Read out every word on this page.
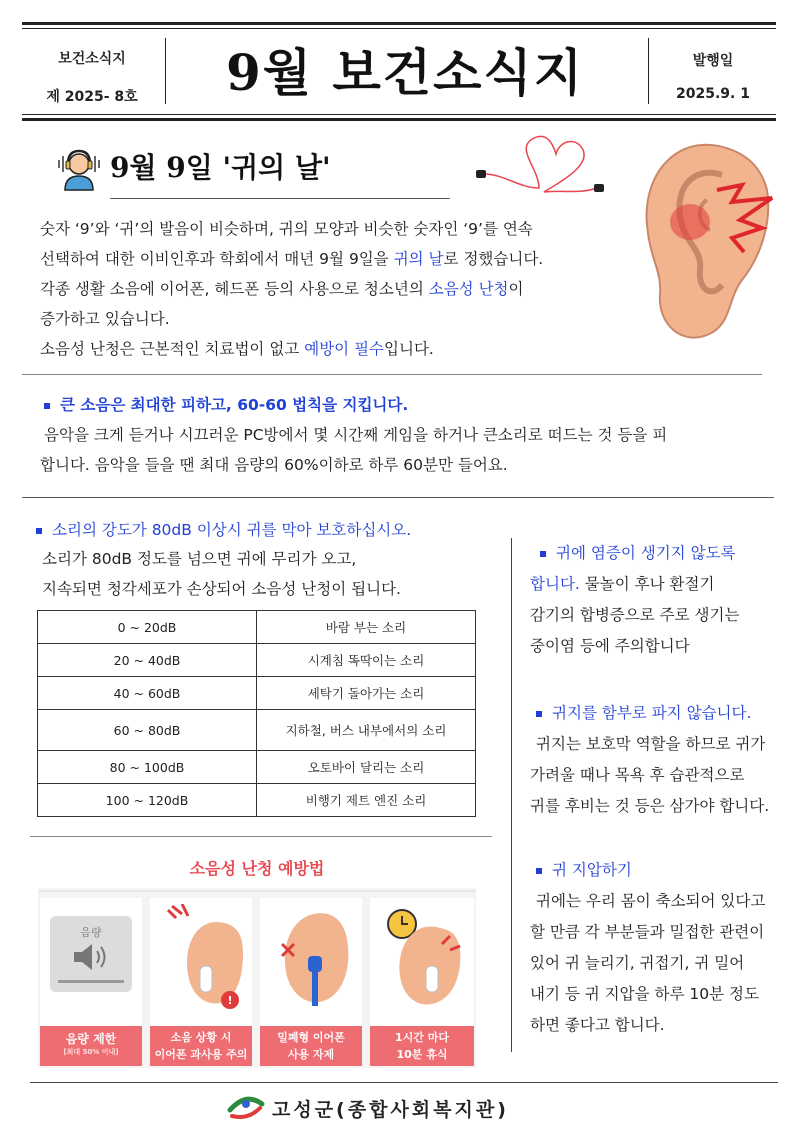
보건소식지
제 2025- 8호	9월 보건소식지	발행일
2025.9. 1
9월 9일 '귀의 날'
숫자 ‘9’와 ‘귀’의 발음이 비슷하며, 귀의 모양과 비슷한 숫자인 ‘9’를 연속
선택하여 대한 이비인후과 학회에서 매년 9월 9일을 귀의 날로 정했습니다.
각종 생활 소음에 이어폰, 헤드폰 등의 사용으로 청소년의 소음성 난청이
증가하고 있습니다.
소음성 난청은 근본적인 치료법이 없고 예방이 필수입니다.
큰 소음은 최대한 피하고, 60-60 법칙을 지킵니다.
음악을 크게 듣거나 시끄러운 PC방에서 몇 시간째 게임을 하거나 큰소리로 떠드는 것 등을 피
합니다. 음악을 들을 땐 최대 음량의 60%이하로 하루 60분만 들어요.
소리의 강도가 80dB 이상시 귀를 막아 보호하십시오.
소리가 80dB 정도를 넘으면 귀에 무리가 오고,
지속되면 청각세포가 손상되어 소음성 난청이 됩니다.
0 ~ 20dB	바람 부는 소리
20 ~ 40dB	시계침 똑딱이는 소리
40 ~ 60dB	세탁기 돌아가는 소리
60 ~ 80dB	지하철, 버스 내부에서의 소리
80 ~ 100dB	오토바이 달리는 소리
100 ~ 120dB	비행기 제트 엔진 소리
소음성 난청 예방법
음량
음량 제한
[최대 50% 이내]
!
소음 상황 시
이어폰 과사용 주의
밀폐형 이어폰
사용 자제
1시간 마다
10분 휴식
귀에 염증이 생기지 않도록
합니다. 물놀이 후나 환절기
감기의 합병증으로 주로 생기는
중이염 등에 주의합니다
귀지를 함부로 파지 않습니다.
귀지는 보호막 역할을 하므로 귀가
가려울 때나 목욕 후 습관적으로
귀를 후비는 것 등은 삼가야 합니다.
귀 지압하기
귀에는 우리 몸이 축소되어 있다고
할 만큼 각 부분들과 밀접한 관련이
있어 귀 늘리기, 귀접기, 귀 밀어
내기 등 귀 지압을 하루 10분 정도
하면 좋다고 합니다.
고성군(종합사회복지관)
